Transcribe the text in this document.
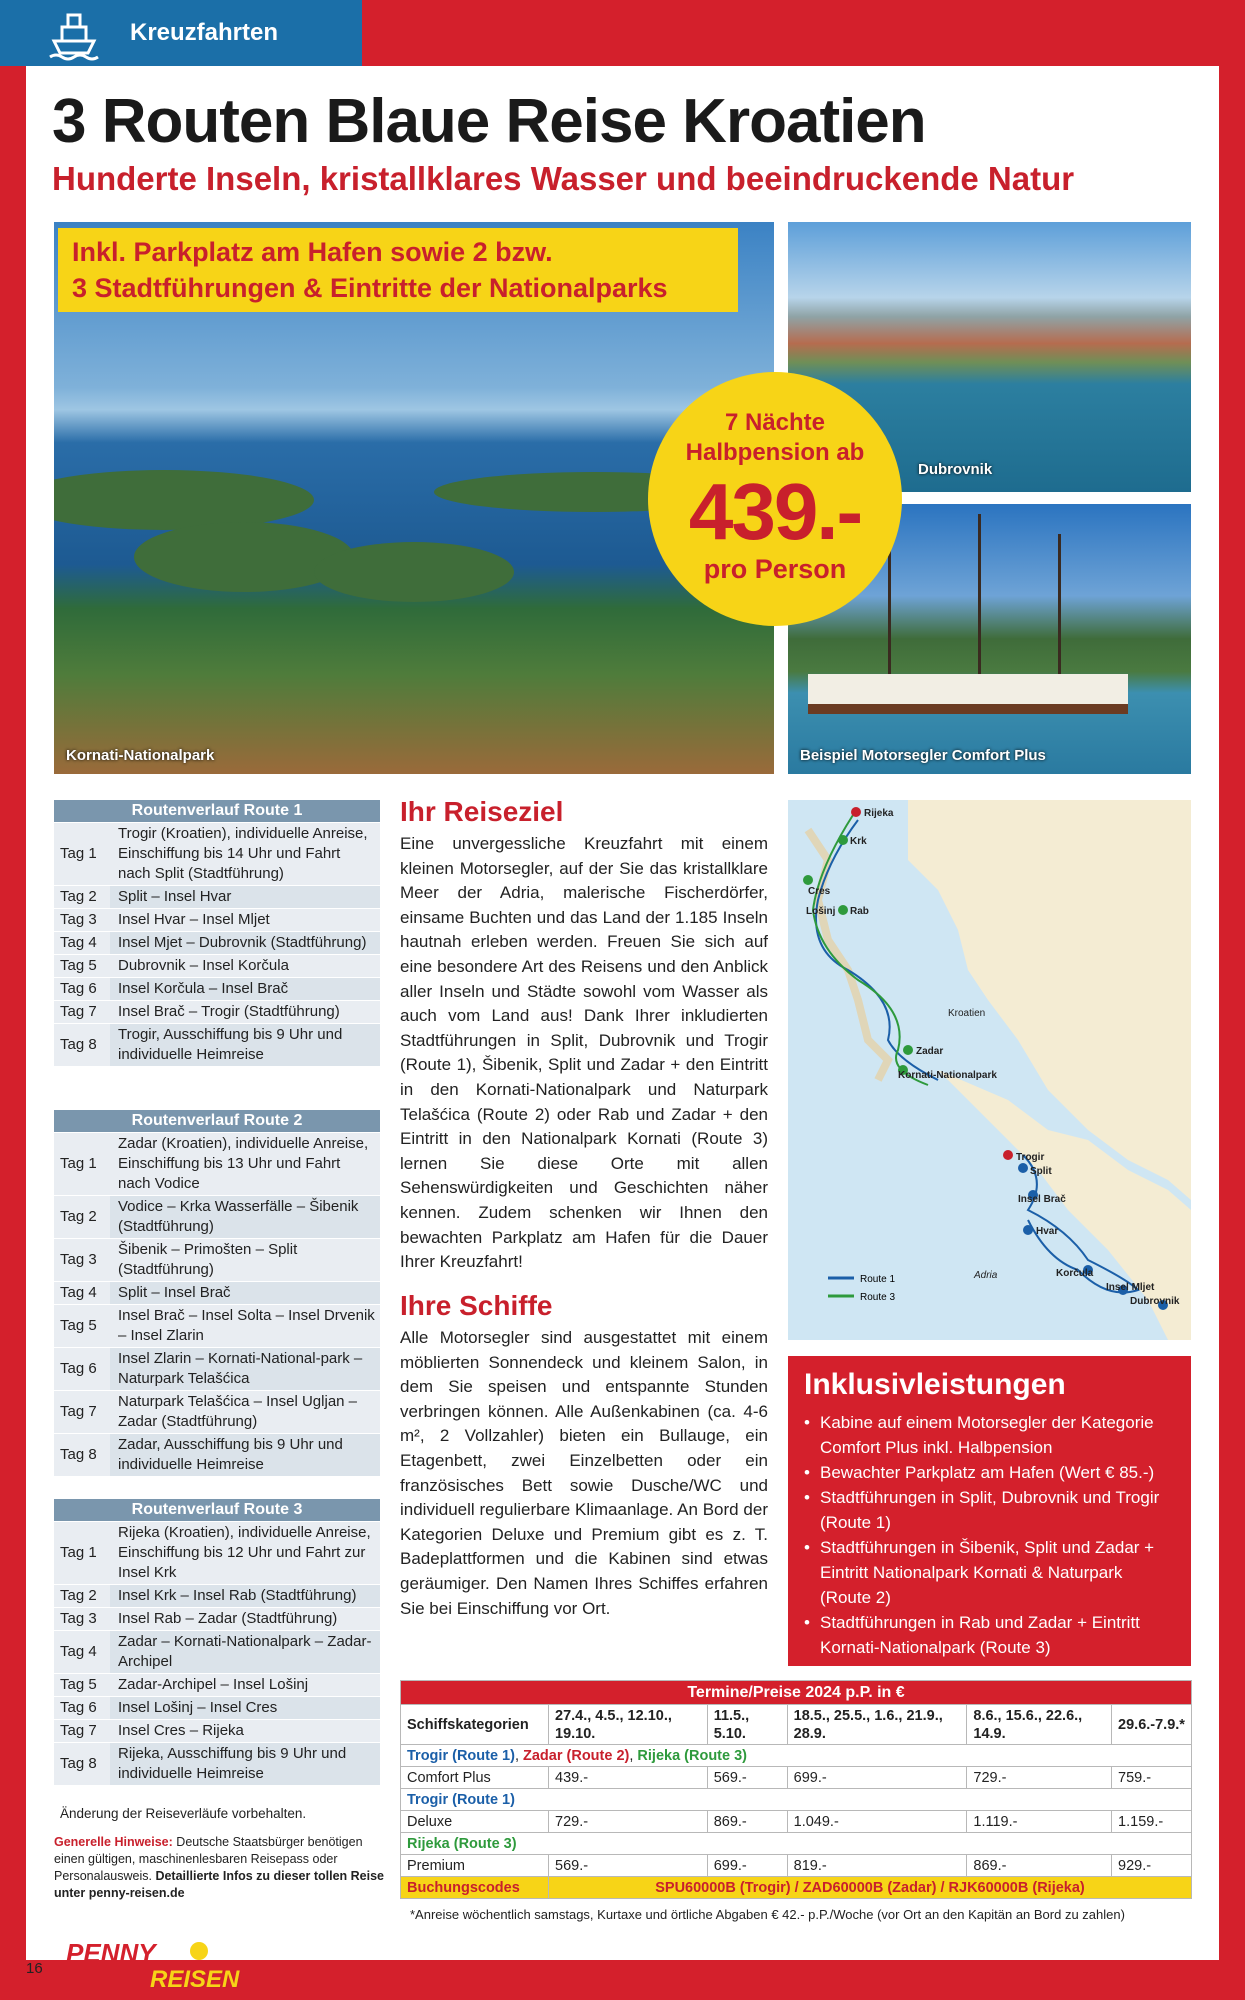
Kreuzfahrten
3 Routen Blaue Reise Kroatien
Hunderte Inseln, kristallklares Wasser und beeindruckende Natur
Kornati-Nationalpark
Inkl. Parkplatz am Hafen sowie 2 bzw.
3 Stadtführungen & Eintritte der Nationalparks
Dubrovnik
Beispiel Motorsegler Comfort Plus
7 Nächte
Halbpension ab
439.-
pro Person
Routenverlauf Route 1	
Tag 1	Trogir (Kroatien), individuelle Anreise, Einschiffung bis 14 Uhr und Fahrt nach Split (Stadtführung)
Tag 2	Split – Insel Hvar
Tag 3	Insel Hvar – Insel Mljet
Tag 4	Insel Mjet – Dubrovnik (Stadtführung)
Tag 5	Dubrovnik – Insel Korčula
Tag 6	Insel Korčula – Insel Brač
Tag 7	Insel Brač – Trogir (Stadtführung)
Tag 8	Trogir, Ausschiffung bis 9 Uhr und individuelle Heimreise
Routenverlauf Route 2	
Tag 1	Zadar (Kroatien), individuelle Anreise, Einschiffung bis 13 Uhr und Fahrt nach Vodice
Tag 2	Vodice – Krka Wasserfälle – Šibenik (Stadtführung)
Tag 3	Šibenik – Primošten – Split (Stadtführung)
Tag 4	Split – Insel Brač
Tag 5	Insel Brač – Insel Solta – Insel Drvenik – Insel Zlarin
Tag 6	Insel Zlarin – Kornati-National-park – Naturpark Telašćica
Tag 7	Naturpark Telašćica – Insel Ugljan – Zadar (Stadtführung)
Tag 8	Zadar, Ausschiffung bis 9 Uhr und individuelle Heimreise
Routenverlauf Route 3	
Tag 1	Rijeka (Kroatien), individuelle Anreise, Einschiffung bis 12 Uhr und Fahrt zur Insel Krk
Tag 2	Insel Krk – Insel Rab (Stadtführung)
Tag 3	Insel Rab – Zadar (Stadtführung)
Tag 4	Zadar – Kornati-Nationalpark – Zadar-Archipel
Tag 5	Zadar-Archipel – Insel Lošinj
Tag 6	Insel Lošinj – Insel Cres
Tag 7	Insel Cres – Rijeka
Tag 8	Rijeka, Ausschiffung bis 9 Uhr und individuelle Heimreise
Änderung der Reiseverläufe vorbehalten.
Generelle Hinweise: Deutsche Staatsbürger benötigen einen gültigen, maschinenlesbaren Reisepass oder Personalausweis. Detaillierte Infos zu dieser tollen Reise unter penny-reisen.de
Ihr Reiseziel

Eine unvergessliche Kreuzfahrt mit einem kleinen Motorsegler, auf der Sie das kristallklare Meer der Adria, malerische Fischerdörfer, einsame Buchten und das Land der 1.185 Inseln hautnah erleben werden. Freuen Sie sich auf eine besondere Art des Reisens und den Anblick aller Inseln und Städte sowohl vom Wasser als auch vom Land aus! Dank Ihrer inkludierten Stadtführungen in Split, Dubrovnik und Trogir (Route 1), Šibenik, Split und Zadar + den Eintritt in den Kornati-Nationalpark und Naturpark Telašćica (Route 2) oder Rab und Zadar + den Eintritt in den Nationalpark Kornati (Route 3) lernen Sie diese Orte mit allen Sehenswürdigkeiten und Geschichten näher kennen. Zudem schenken wir Ihnen den bewachten Parkplatz am Hafen für die Dauer Ihrer Kreuzfahrt!

Ihre Schiffe

Alle Motorsegler sind ausgestattet mit einem möblierten Sonnendeck und kleinem Salon, in dem Sie speisen und entspannte Stunden verbringen können. Alle Außenkabinen (ca. 4-6 m², 2 Vollzahler) bieten ein Bullauge, ein Etagenbett, zwei Einzelbetten oder ein französisches Bett sowie Dusche/WC und individuell regulierbare Klimaanlage. An Bord der Kategorien Deluxe und Premium gibt es z. T. Badeplattformen und die Kabinen sind etwas geräumiger. Den Namen Ihres Schiffes erfahren Sie bei Einschiffung vor Ort.

Rijeka
Krk
Cres
Lošinj Rab
Kroatien
Zadar
Kornati-Nationalpark
Trogir
Split
Insel Brač
Hvar
Adria	Korčula
Insel Mljet
Dubrovnik
Route 1
Route 3
Inklusivleistungen
• Kabine auf einem Motorsegler der Kategorie Comfort Plus inkl. Halbpension
• Bewachter Parkplatz am Hafen (Wert € 85.-)
• Stadtführungen in Split, Dubrovnik und Trogir (Route 1)
• Stadtführungen in Šibenik, Split und Zadar + Eintritt Nationalpark Kornati & Naturpark (Route 2)
• Stadtführungen in Rab und Zadar + Eintritt Kornati-Nationalpark (Route 3)
Termine/Preise 2024 p.P. in €					
Schiffskategorien	27.4., 4.5., 12.10., 19.10.	11.5., 5.10.	18.5., 25.5., 1.6., 21.9., 28.9.	8.6., 15.6., 22.6., 14.9.	29.6.-7.9.*
Trogir (Route 1), Zadar (Route 2), Rijeka (Route 3)					
Comfort Plus	439.-	569.-	699.-	729.-	759.-
Trogir (Route 1)					
Deluxe	729.-	869.-	1.049.-	1.119.-	1.159.-
Rijeka (Route 3)					
Premium	569.-	699.-	819.-	869.-	929.-
Buchungscodes	SPU60000B (Trogir) / ZAD60000B (Zadar) / RJK60000B (Rijeka)				
*Anreise wöchentlich samstags, Kurtaxe und örtliche Abgaben € 42.- p.P./Woche (vor Ort an den Kapitän an Bord zu zahlen)
16
PENNY
REISEN
